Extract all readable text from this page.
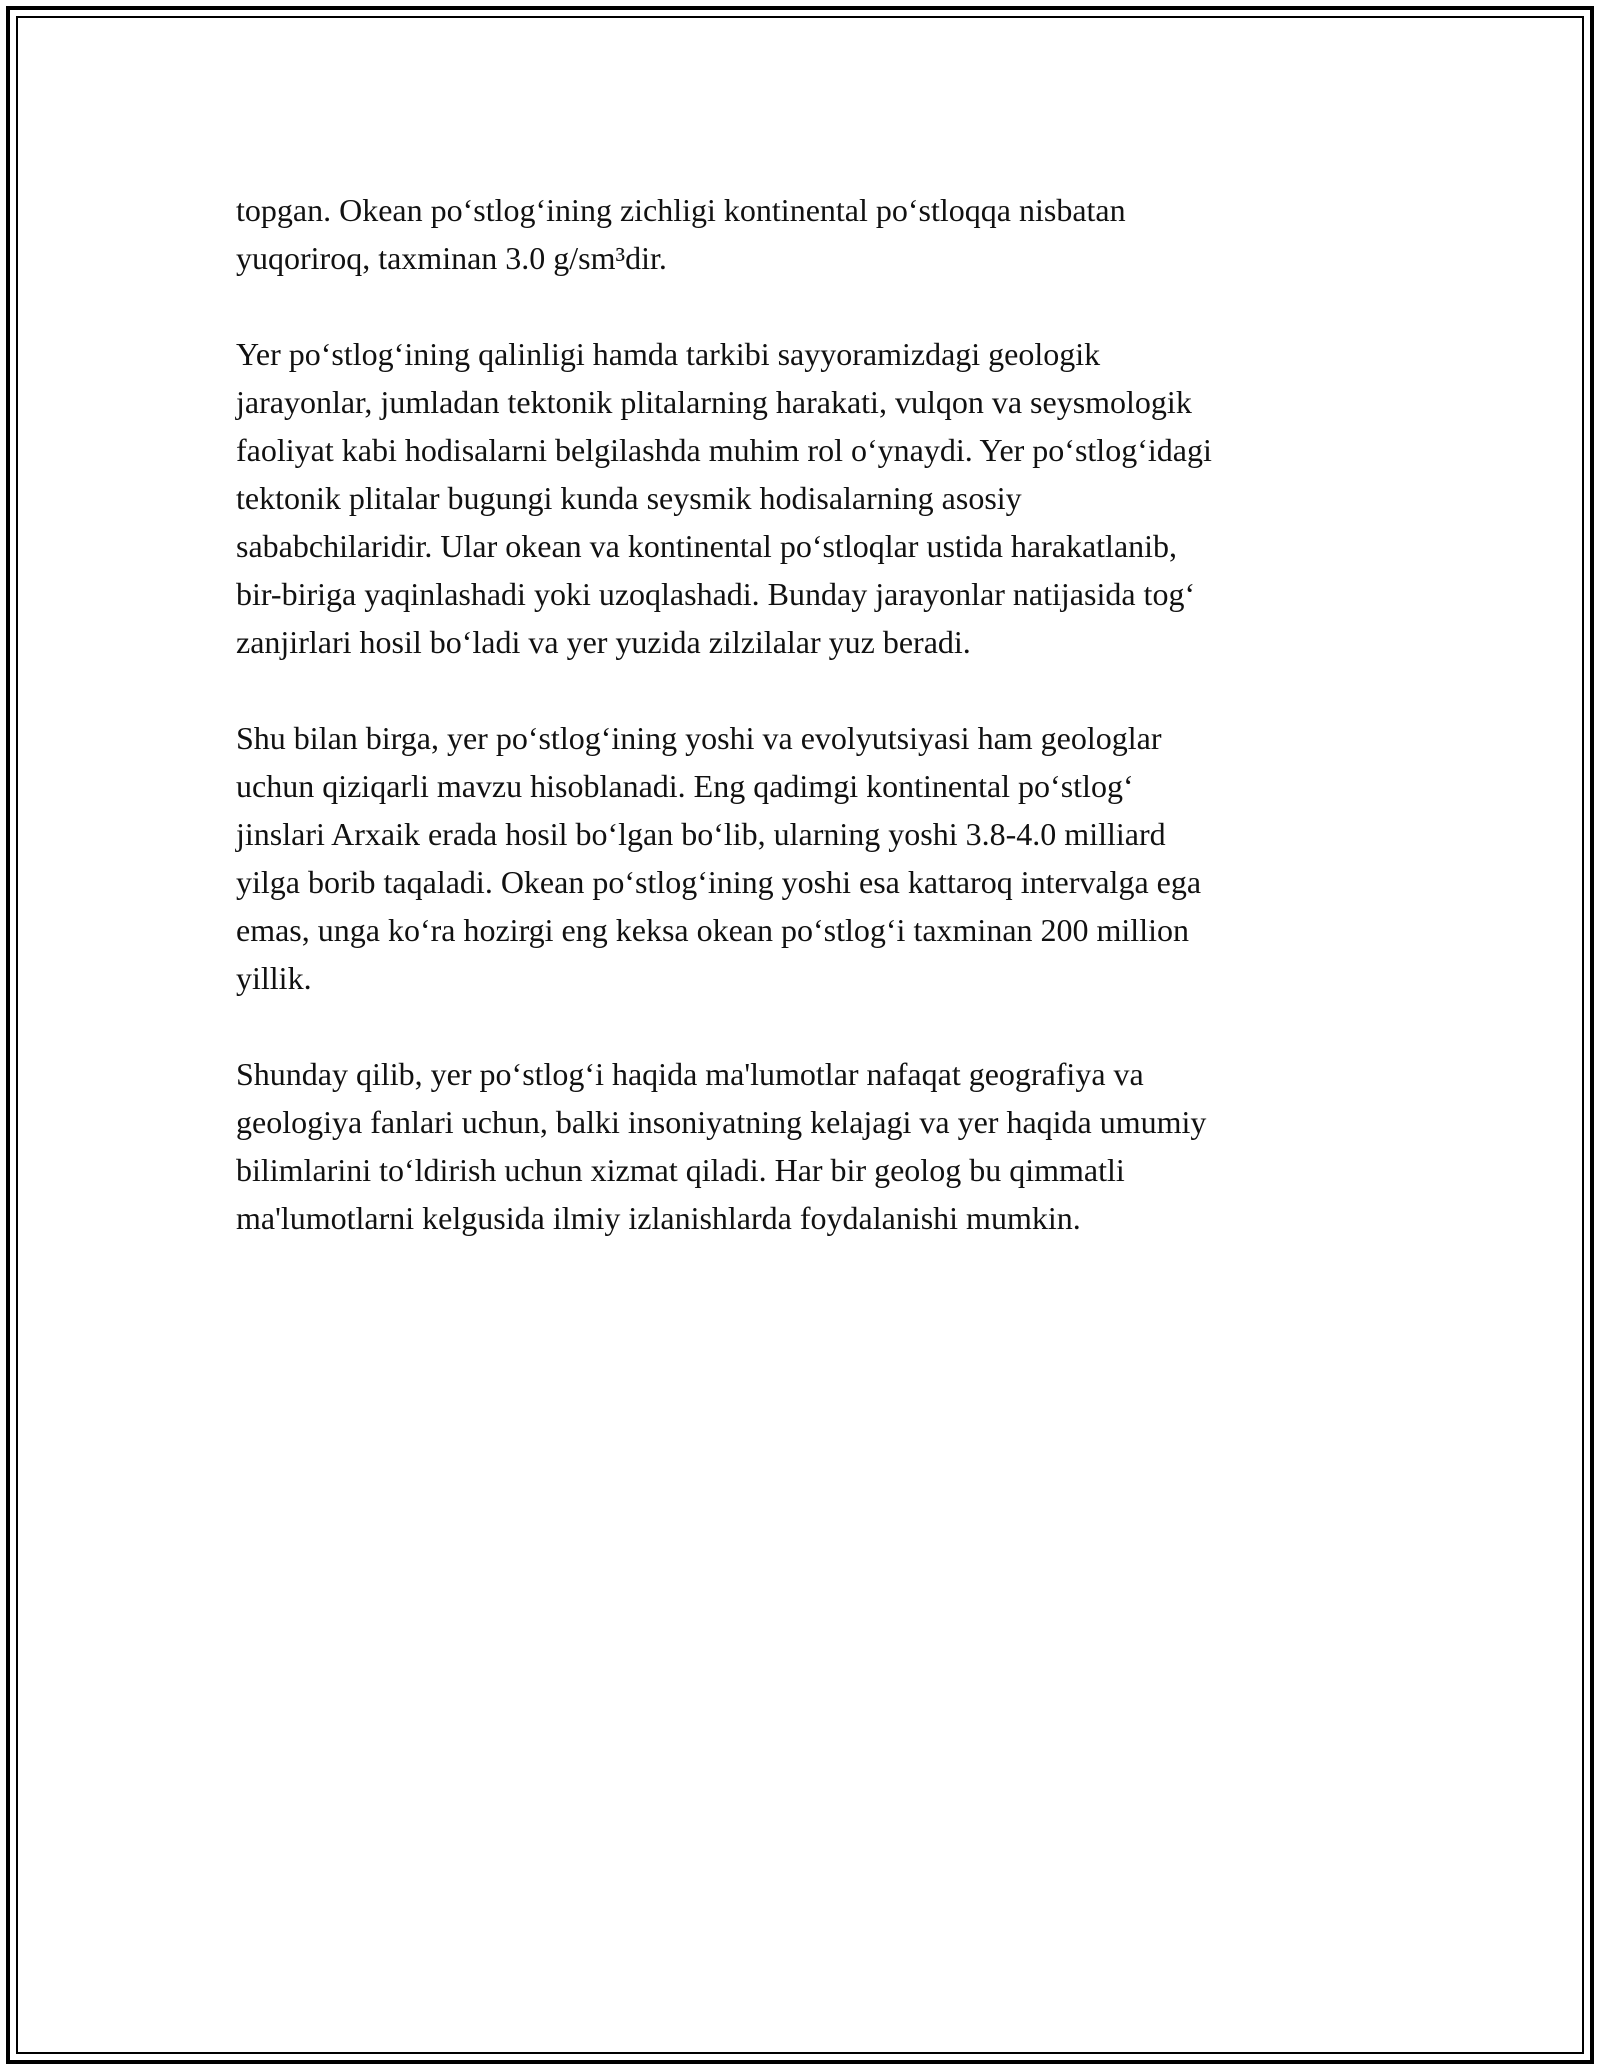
topgan. Okean po‘stlog‘ining zichligi kontinental po‘stloqqa nisbatan
yuqoriroq, taxminan 3.0 g/sm³dir.

Yer po‘stlog‘ining qalinligi hamda tarkibi sayyoramizdagi geologik
jarayonlar, jumladan tektonik plitalarning harakati, vulqon va seysmologik
faoliyat kabi hodisalarni belgilashda muhim rol o‘ynaydi. Yer po‘stlog‘idagi
tektonik plitalar bugungi kunda seysmik hodisalarning asosiy
sababchilaridir. Ular okean va kontinental po‘stloqlar ustida harakatlanib,
bir-biriga yaqinlashadi yoki uzoqlashadi. Bunday jarayonlar natijasida tog‘
zanjirlari hosil bo‘ladi va yer yuzida zilzilalar yuz beradi.

Shu bilan birga, yer po‘stlog‘ining yoshi va evolyutsiyasi ham geologlar
uchun qiziqarli mavzu hisoblanadi. Eng qadimgi kontinental po‘stlog‘
jinslari Arxaik erada hosil bo‘lgan bo‘lib, ularning yoshi 3.8-4.0 milliard
yilga borib taqaladi. Okean po‘stlog‘ining yoshi esa kattaroq intervalga ega
emas, unga ko‘ra hozirgi eng keksa okean po‘stlog‘i taxminan 200 million
yillik.

Shunday qilib, yer po‘stlog‘i haqida ma'lumotlar nafaqat geografiya va
geologiya fanlari uchun, balki insoniyatning kelajagi va yer haqida umumiy
bilimlarini to‘ldirish uchun xizmat qiladi. Har bir geolog bu qimmatli
ma'lumotlarni kelgusida ilmiy izlanishlarda foydalanishi mumkin.
